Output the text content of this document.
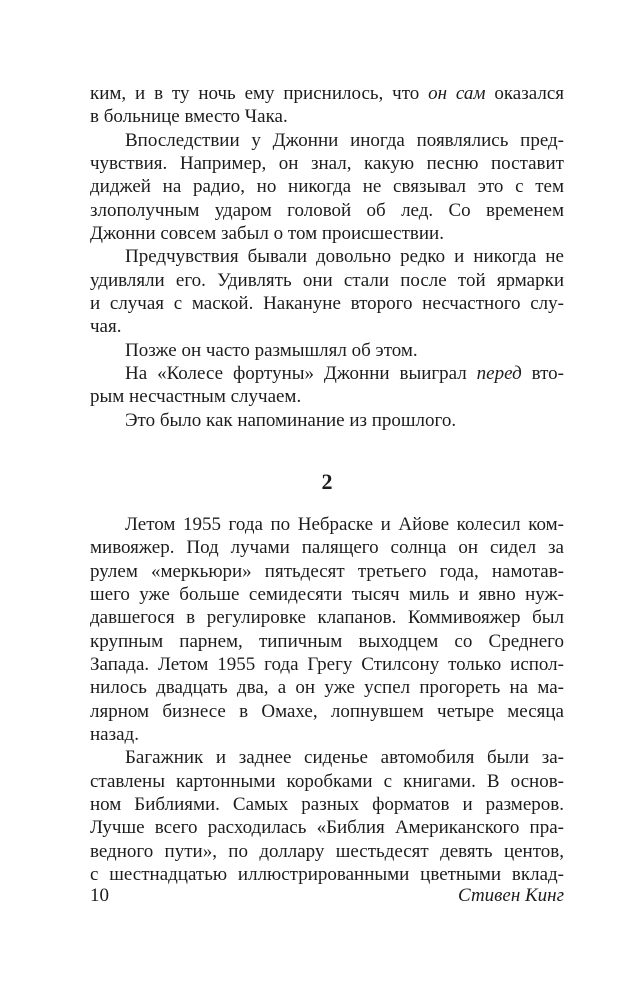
ким, и в ту ночь ему приснилось, что он сам оказался
в больнице вместо Чака.
Впоследствии у Джонни иногда появлялись пред-
чувствия. Например, он знал, какую песню поставит
диджей на радио, но никогда не связывал это с тем
злополучным ударом головой об лед. Со временем
Джонни совсем забыл о том происшествии.
Предчувствия бывали довольно редко и никогда не
удивляли его. Удивлять они стали после той ярмарки
и случая с маской. Накануне второго несчастного слу-
чая.
Позже он часто размышлял об этом.
На «Колесе фортуны» Джонни выиграл перед вто-
рым несчастным случаем.
Это было как напоминание из прошлого.
2
Летом 1955 года по Небраске и Айове колесил ком-
мивояжер. Под лучами палящего солнца он сидел за
рулем «меркьюри» пятьдесят третьего года, намотав-
шего уже больше семидесяти тысяч миль и явно нуж-
давшегося в регулировке клапанов. Коммивояжер был
крупным парнем, типичным выходцем со Среднего
Запада. Летом 1955 года Грегу Стилсону только испол-
нилось двадцать два, а он уже успел прогореть на ма-
лярном бизнесе в Омахе, лопнувшем четыре месяца
назад.
Багажник и заднее сиденье автомобиля были за-
ставлены картонными коробками с книгами. В основ-
ном Библиями. Самых разных форматов и размеров.
Лучше всего расходилась «Библия Американского пра-
ведного пути», по доллару шестьдесят девять центов,
с шестнадцатью иллюстрированными цветными вклад-
10	Стивен Кинг
